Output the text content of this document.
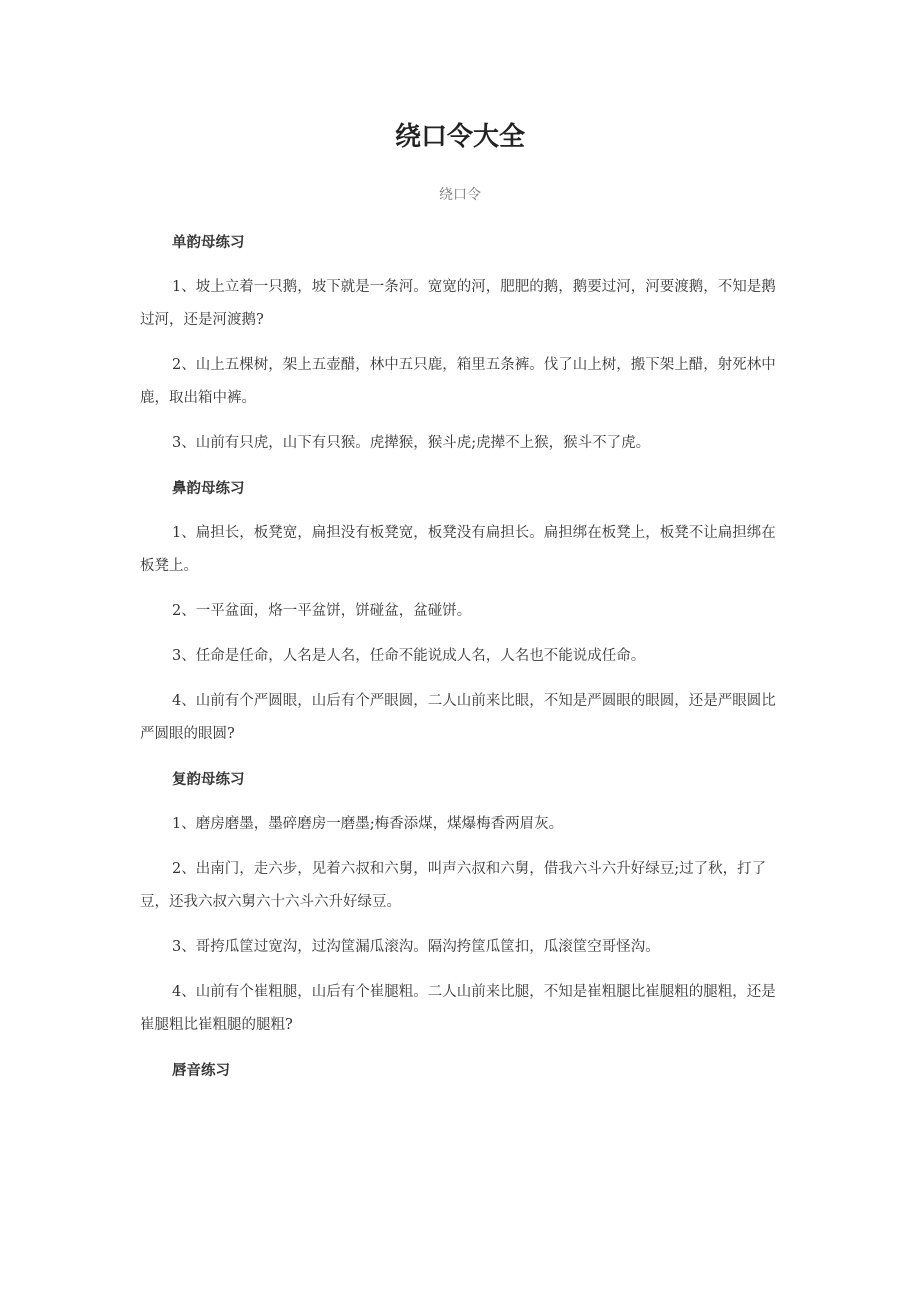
绕口令大全

绕口令

单韵母练习

1、坡上立着一只鹅，坡下就是一条河。宽宽的河，肥肥的鹅，鹅要过河，河要渡鹅，不知是鹅过河，还是河渡鹅?

2、山上五棵树，架上五壶醋，林中五只鹿，箱里五条裤。伐了山上树，搬下架上醋，射死林中鹿，取出箱中裤。

3、山前有只虎，山下有只猴。虎撵猴，猴斗虎;虎撵不上猴，猴斗不了虎。

鼻韵母练习

1、扁担长，板凳宽，扁担没有板凳宽，板凳没有扁担长。扁担绑在板凳上，板凳不让扁担绑在板凳上。

2、一平盆面，烙一平盆饼，饼碰盆，盆碰饼。

3、任命是任命，人名是人名，任命不能说成人名，人名也不能说成任命。

4、山前有个严圆眼，山后有个严眼圆，二人山前来比眼，不知是严圆眼的眼圆，还是严眼圆比严圆眼的眼圆?

复韵母练习

1、磨房磨墨，墨碎磨房一磨墨;梅香添煤，煤爆梅香两眉灰。

2、出南门，走六步，见着六叔和六舅，叫声六叔和六舅，借我六斗六升好绿豆;过了秋，打了豆，还我六叔六舅六十六斗六升好绿豆。

3、哥挎瓜筐过宽沟，过沟筐漏瓜滚沟。隔沟挎筐瓜筐扣，瓜滚筐空哥怪沟。

4、山前有个崔粗腿，山后有个崔腿粗。二人山前来比腿，不知是崔粗腿比崔腿粗的腿粗，还是崔腿粗比崔粗腿的腿粗?

唇音练习
